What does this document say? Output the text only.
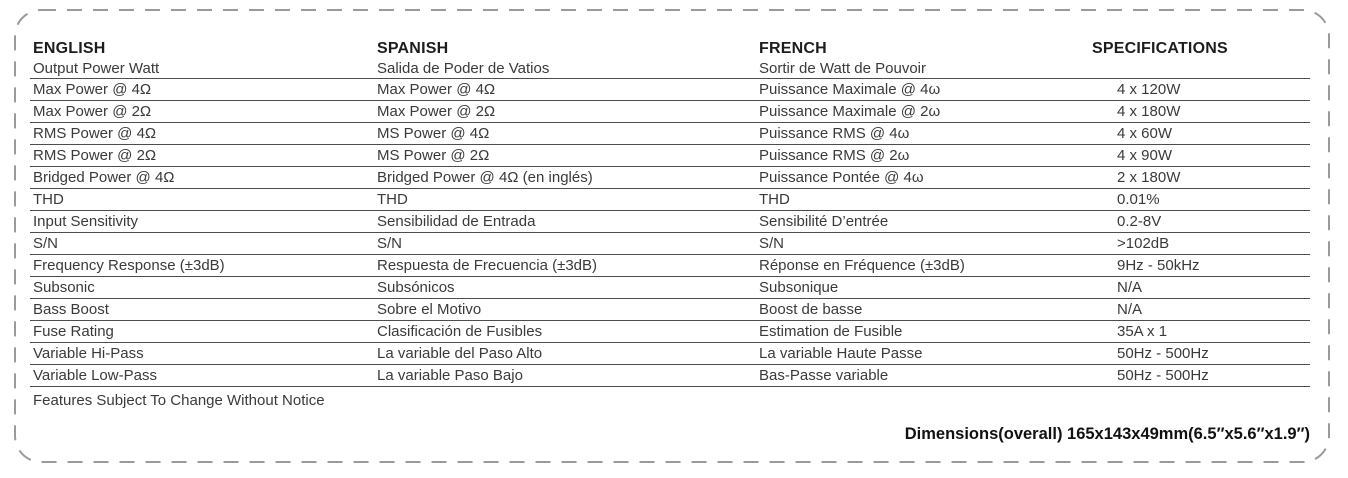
ENGLISH	SPANISH	FRENCH	SPECIFICATIONS
Output Power Watt	Salida de Poder de Vatios	Sortir de Watt de Pouvoir
Max Power @ 4Ω	Max Power @ 4Ω	Puissance Maximale @ 4ω	4 x 120W
Max Power @ 2Ω	Max Power @ 2Ω	Puissance Maximale @ 2ω	4 x 180W
RMS Power @ 4Ω	MS Power @ 4Ω	Puissance RMS @ 4ω	4 x 60W
RMS Power @ 2Ω	MS Power @ 2Ω	Puissance RMS @ 2ω	4 x 90W
Bridged Power @ 4Ω	Bridged Power @ 4Ω (en inglés)	Puissance Pontée @ 4ω	2 x 180W
THD	THD	THD	0.01%
Input Sensitivity	Sensibilidad de Entrada	Sensibilité D’entrée	0.2-8V
S/N	S/N	S/N	>102dB
Frequency Response (±3dB)	Respuesta de Frecuencia (±3dB)	Réponse en Fréquence (±3dB)	9Hz - 50kHz
Subsonic	Subsónicos	Subsonique	N/A
Bass Boost	Sobre el Motivo	Boost de basse	N/A
Fuse Rating	Clasificación de Fusibles	Estimation de Fusible	35A x 1
Variable Hi-Pass	La variable del Paso Alto	La variable Haute Passe	50Hz - 500Hz
Variable Low-Pass	La variable Paso Bajo	Bas-Passe variable	50Hz - 500Hz
Features Subject To Change Without Notice
Dimensions(overall) 165x143x49mm(6.5″x5.6″x1.9″)
